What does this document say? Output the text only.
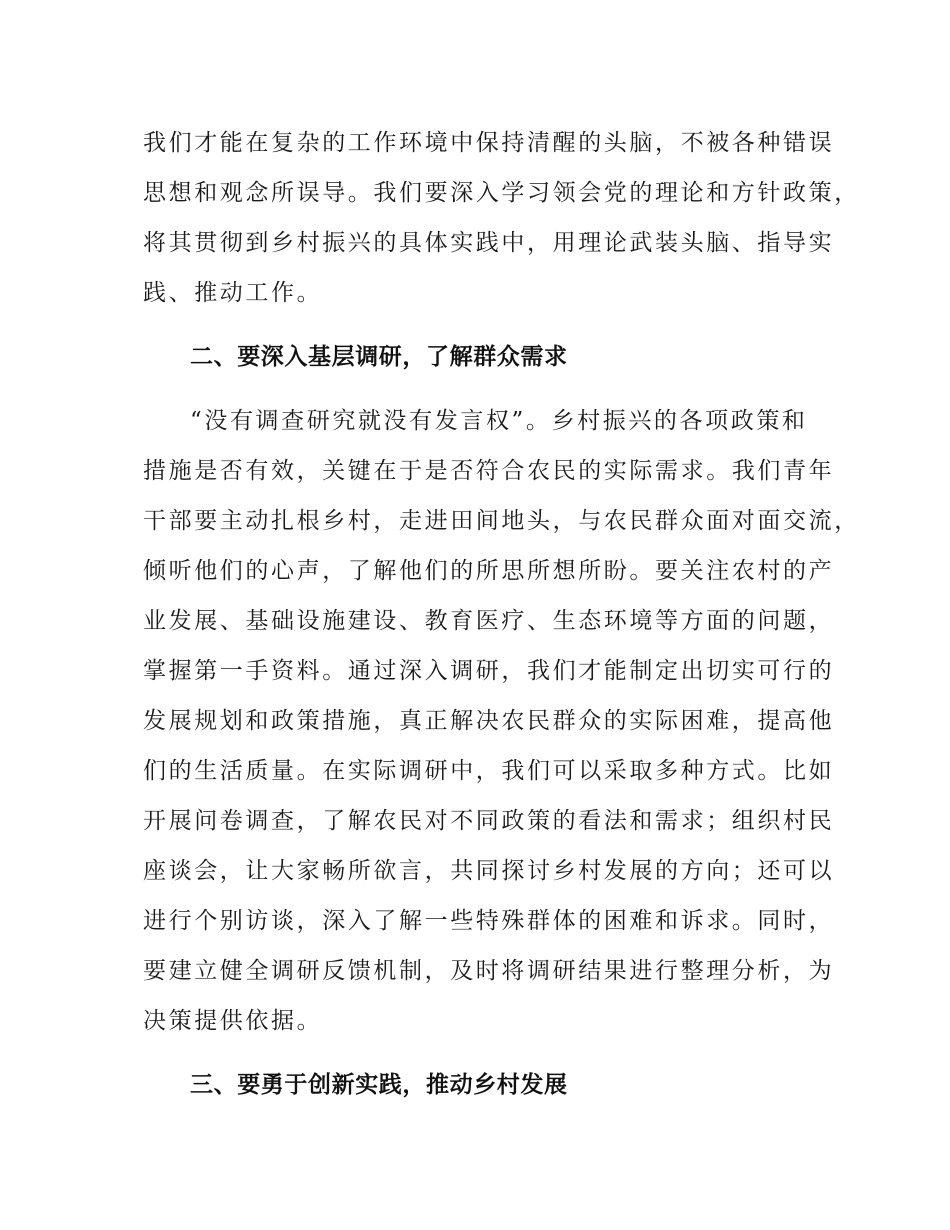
我们才能在复杂的工作环境中保持清醒的头脑，不被各种错误
思想和观念所误导。我们要深入学习领会党的理论和方针政策，
将其贯彻到乡村振兴的具体实践中，用理论武装头脑、指导实
践、推动工作。
二、要深入基层调研，了解群众需求
“没有调查研究就没有发言权”。乡村振兴的各项政策和
措施是否有效，关键在于是否符合农民的实际需求。我们青年
干部要主动扎根乡村，走进田间地头，与农民群众面对面交流，
倾听他们的心声，了解他们的所思所想所盼。要关注农村的产
业发展、基础设施建设、教育医疗、生态环境等方面的问题，
掌握第一手资料。通过深入调研，我们才能制定出切实可行的
发展规划和政策措施，真正解决农民群众的实际困难，提高他
们的生活质量。在实际调研中，我们可以采取多种方式。比如
开展问卷调查，了解农民对不同政策的看法和需求；组织村民
座谈会，让大家畅所欲言，共同探讨乡村发展的方向；还可以
进行个别访谈，深入了解一些特殊群体的困难和诉求。同时，
要建立健全调研反馈机制，及时将调研结果进行整理分析，为
决策提供依据。
三、要勇于创新实践，推动乡村发展
